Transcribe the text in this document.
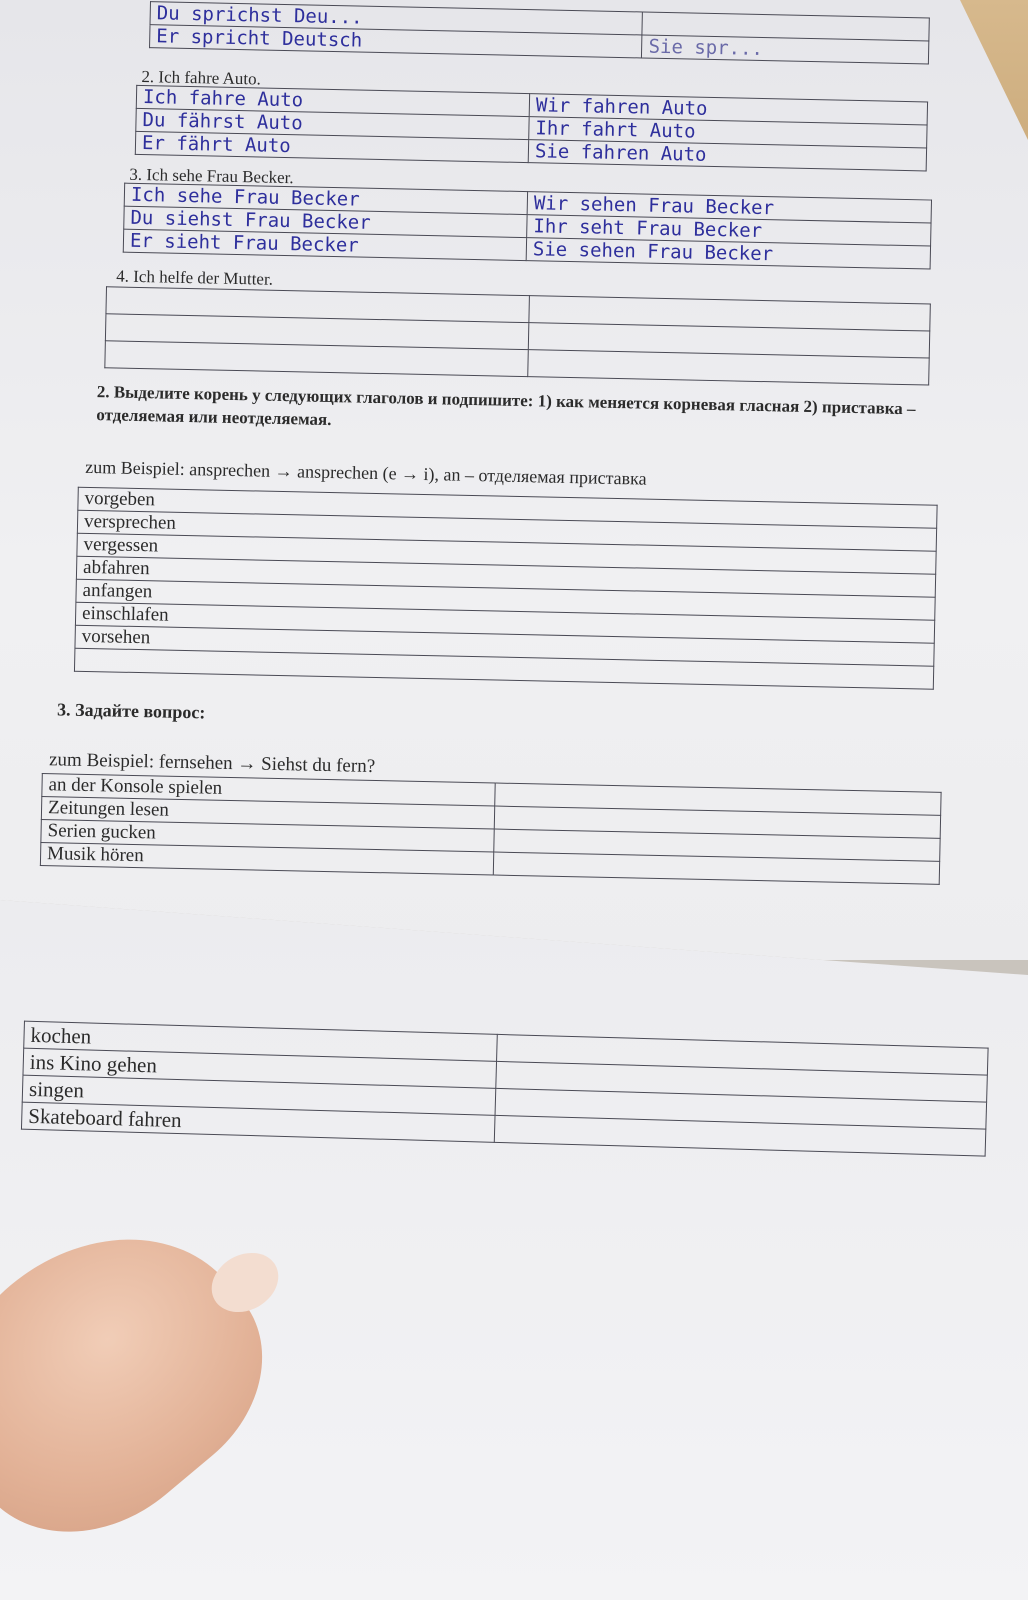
Du sprichst Deu...	
Er spricht Deutsch	Sie spr...
2. Ich fahre Auto.
Ich fahre Auto	Wir fahren Auto
Du fährst Auto	Ihr fahrt Auto
Er fährt Auto	Sie fahren Auto
3. Ich sehe Frau Becker.
Ich sehe Frau Becker	Wir sehen Frau Becker
Du siehst Frau Becker	Ihr seht Frau Becker
Er sieht Frau Becker	Sie sehen Frau Becker
4. Ich helfe der Mutter.

2. Выделите корень у следующих глаголов и подпишите: 1) как меняется корневая гласная 2) приставка – отделяемая или неотделяемая.
zum Beispiel: ansprechen → ansprechen (e → i), an – отделяемая приставка
vorgeben
versprechen
vergessen
abfahren
anfangen
einschlafen
vorsehen

3. Задайте вопрос:
zum Beispiel: fernsehen → Siehst du fern?
an der Konsole spielen	
Zeitungen lesen	
Serien gucken	
Musik hören	
kochen	
ins Kino gehen	
singen	
Skateboard fahren	
